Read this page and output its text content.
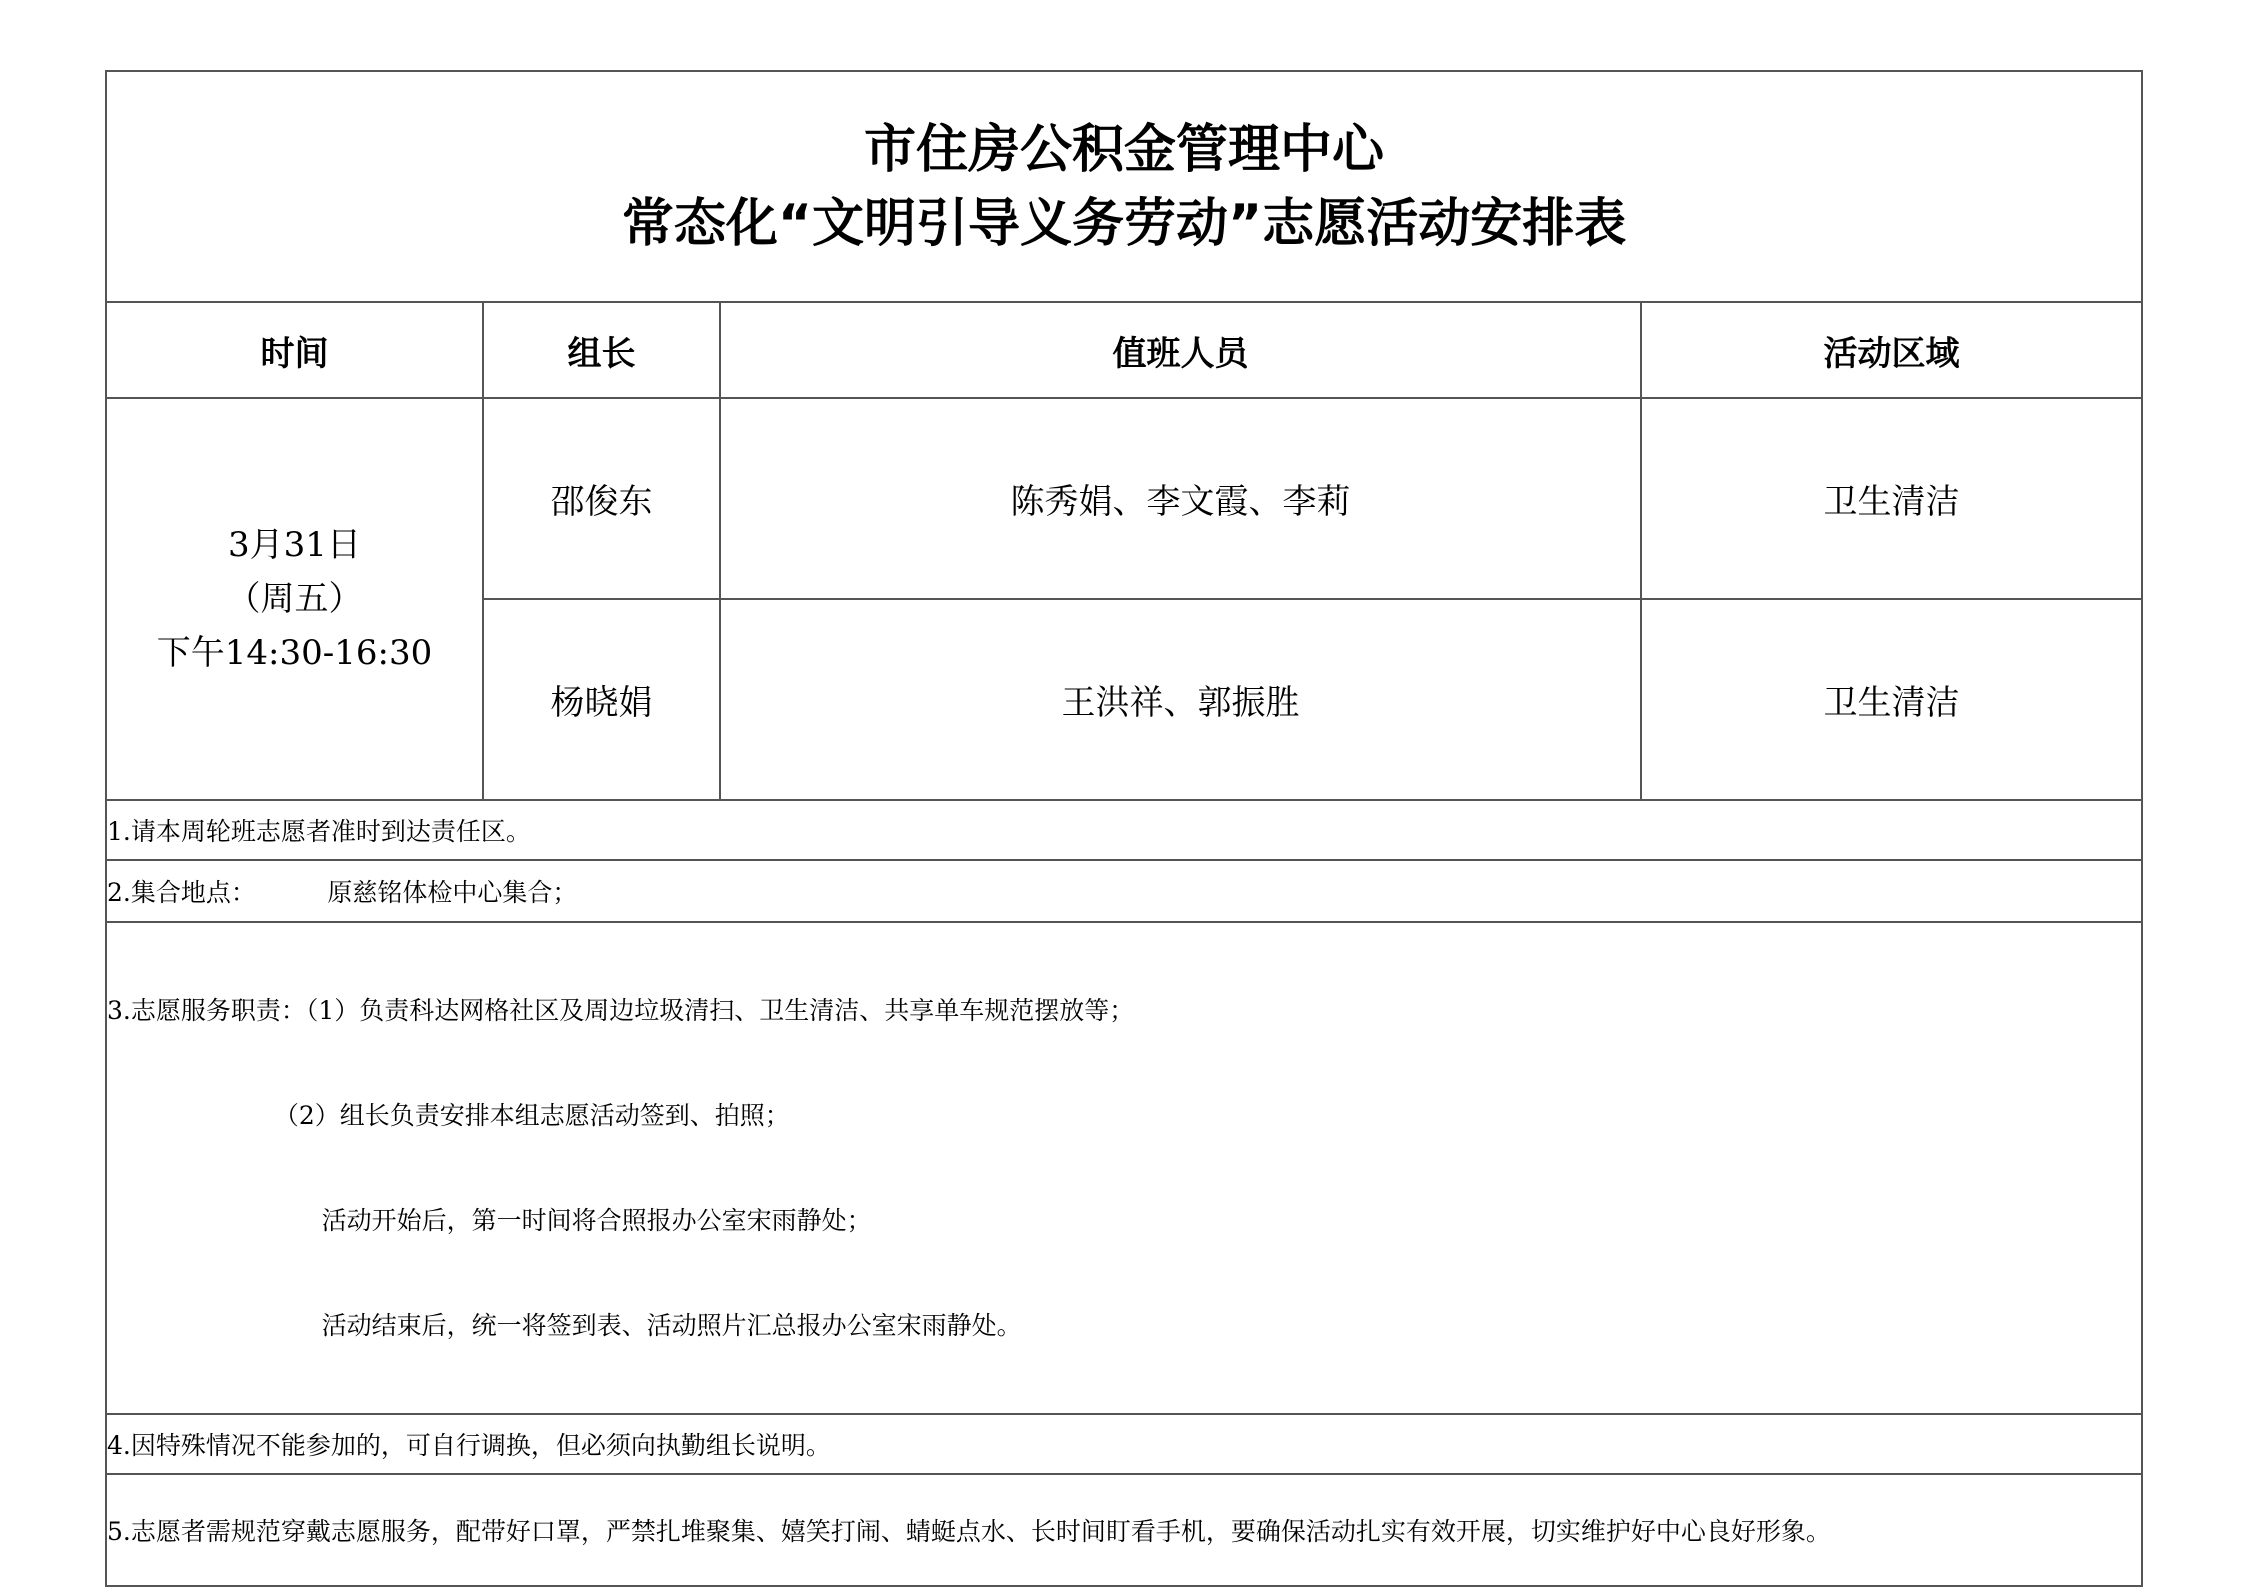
市住房公积金管理中心
常态化“文明引导义务劳动”志愿活动安排表			

时间	组长	值班人员	活动区域

3月31日
（周五）
下午14:30-16:30	邵俊东	陈秀娟、李文霞、李莉	卫生清洁
	杨晓娟	王洪祥、郭振胜	卫生清洁
1.请本周轮班志愿者准时到达责任区。			
2.集合地点：         原慈铭体检中心集合；			

3.志愿服务职责：（1）负责科达网格社区及周边垃圾清扫、卫生清洁、共享单车规范摆放等；

（2）组长负责安排本组志愿活动签到、拍照；

活动开始后，第一时间将合照报办公室宋雨静处；

活动结束后，统一将签到表、活动照片汇总报办公室宋雨静处。			

4.因特殊情况不能参加的，可自行调换，但必须向执勤组长说明。			
5.志愿者需规范穿戴志愿服务，配带好口罩，严禁扎堆聚集、嬉笑打闹、蜻蜓点水、长时间盯看手机，要确保活动扎实有效开展，切实维护好中心良好形象。			
